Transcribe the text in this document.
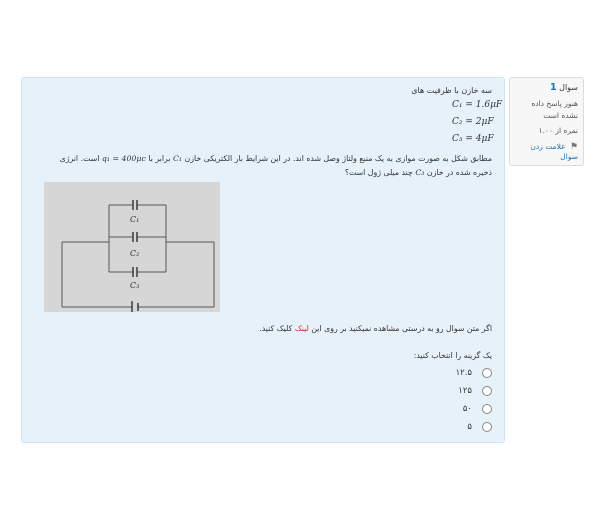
سوال 1
هنوز پاسخ داده نشده است
نمره از ۱.۰۰
⚑ علامت زدن سوال
سه خازن با ظرفیت های
C₁ = 1.6μF
C₂ = 2μF
C₃ = 4μF
مطابق شکل به صورت موازی به یک منبع ولتاژ وصل شده اند. در این شرایط بار الکتریکی خازن C₁ برابر با q₁ = 400μc است. انرژی
ذخیره شده در خازن C₃ چند میلی ژول است؟
C₁
C₂
C₃
اگر متن سوال رو به درستی مشاهده نمیکنید بر روی این لینک کلیک کنید.
یک گزینه را انتخاب کنید:
۱۲.۵
۱۲۵
۵۰
۵
